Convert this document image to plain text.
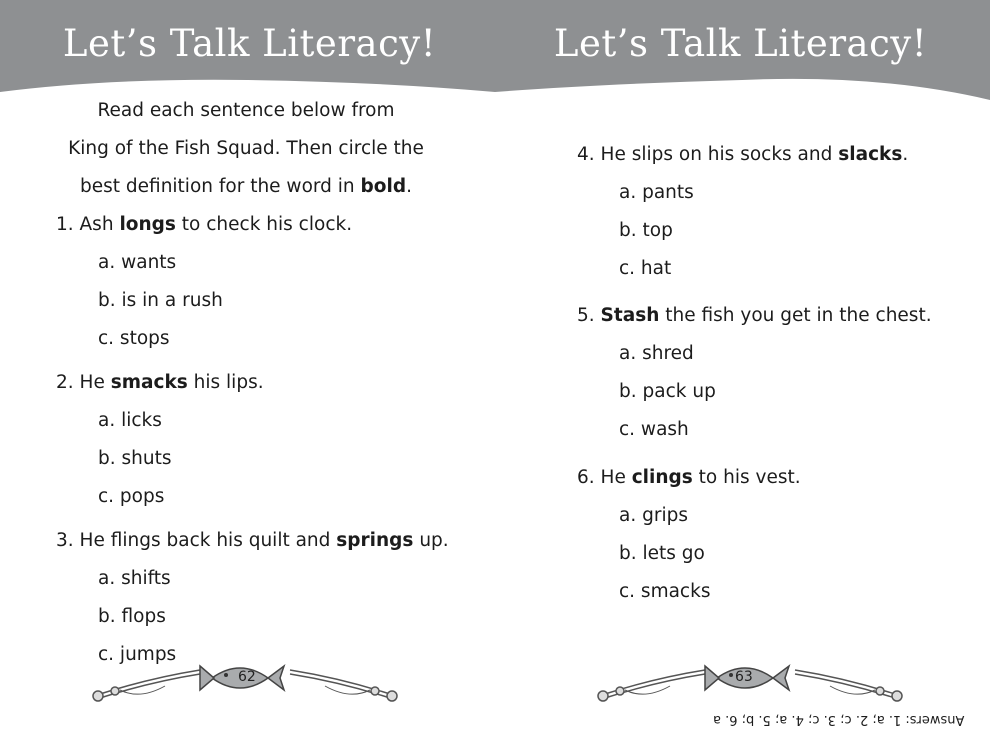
Let’s Talk Literacy!
Read each sentence below from
King of the Fish Squad. Then circle the
best definition for the word in bold.
1. Ash longs to check his clock.
a. wants
b. is in a rush
c. stops
2. He smacks his lips.
a. licks
b. shuts
c. pops
3. He flings back his quilt and springs up.
a. shifts
b. flops
c. jumps
62
Let’s Talk Literacy!
4. He slips on his socks and slacks.
a. pants
b. top
c. hat
5. Stash the fish you get in the chest.
a. shred
b. pack up
c. wash
6. He clings to his vest.
a. grips
b. lets go
c. smacks
63
Answers: 1. a; 2. c; 3. c; 4. a; 5. b; 6. a
